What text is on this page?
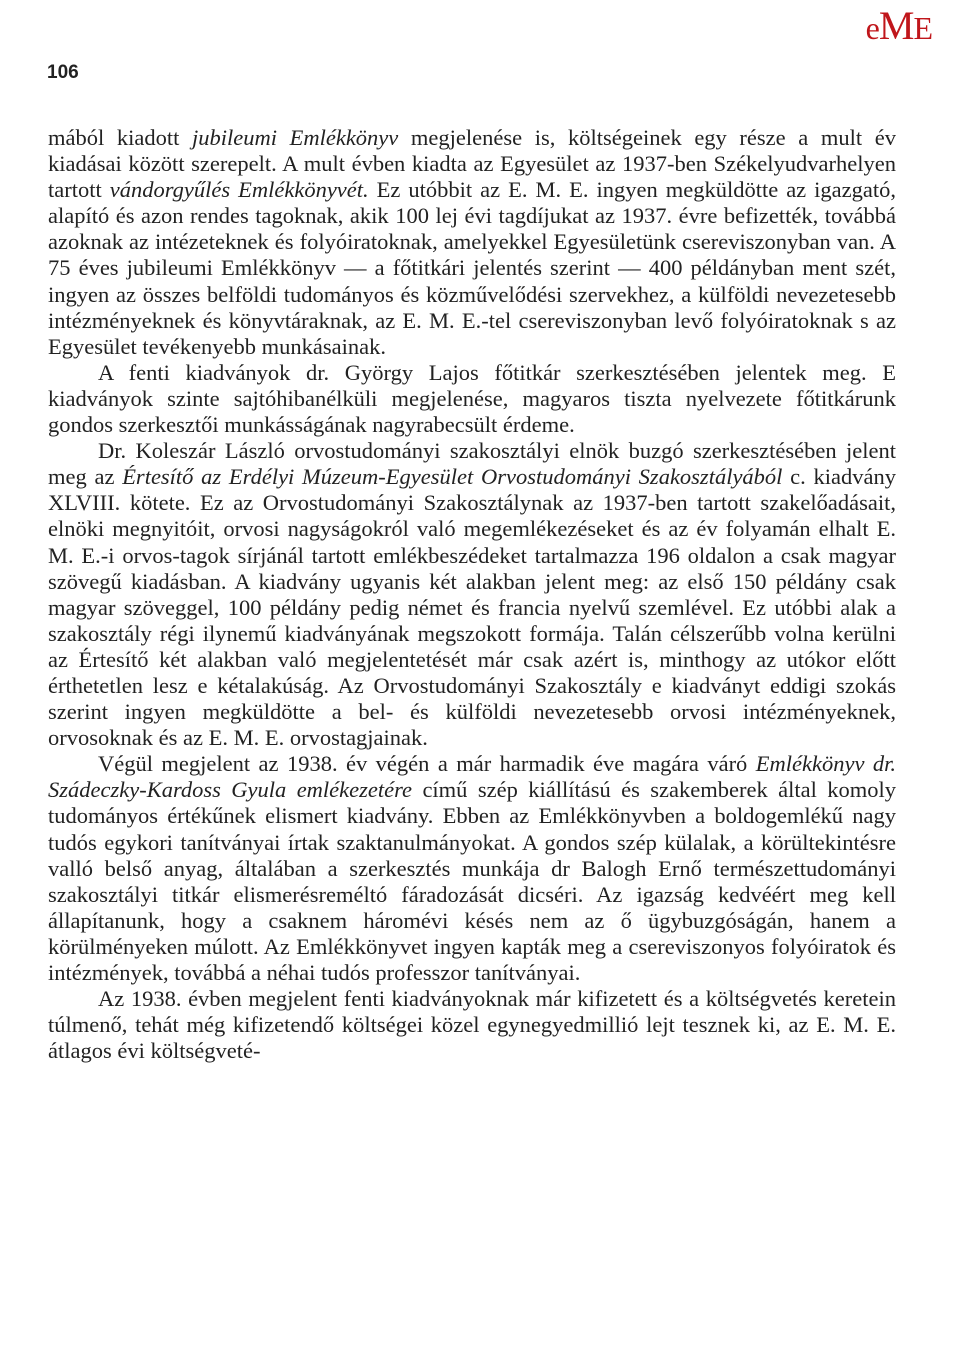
eME
106

mából kiadott jubileumi Emlékkönyv megjelenése is, költségeinek egy része a mult év kiadásai között szerepelt. A mult évben kiadta az Egyesület az 1937-ben Székelyudvarhelyen tartott vándorgyűlés Emlékkönyvét. Ez utóbbit az E. M. E. ingyen megküldötte az igazgató, alapító és azon rendes tagoknak, akik 100 lej évi tagdíjukat az 1937. évre befizették, továbbá azoknak az intézeteknek és folyóiratoknak, amelyekkel Egyesületünk csereviszonyban van. A 75 éves jubileumi Emlékkönyv — a főtitkári jelentés szerint — 400 példányban ment szét, ingyen az összes belföldi tudományos és közművelődési szervekhez, a külföldi nevezetesebb intézményeknek és könyvtáraknak, az E. M. E.-tel csereviszonyban levő folyóiratoknak s az Egyesület tevékenyebb munkásainak.

A fenti kiadványok dr. György Lajos főtitkár szerkesztésében jelentek meg. E kiadványok szinte sajtóhibanélküli megjelenése, magyaros tiszta nyelvezete főtitkárunk gondos szerkesztői munkásságának nagyrabecsült érdeme.

Dr. Koleszár László orvostudományi szakosztályi elnök buzgó szerkesztésében jelent meg az Értesítő az Erdélyi Múzeum-Egyesület Orvostudományi Szakosztályából c. kiadvány XLVIII. kötete. Ez az Orvostudományi Szakosztálynak az 1937-ben tartott szakelőadásait, elnöki megnyitóit, orvosi nagyságokról való megemlékezéseket és az év folyamán elhalt E. M. E.-i orvos-tagok sírjánál tartott emlékbeszédeket tartalmazza 196 oldalon a csak magyar szövegű kiadásban. A kiadvány ugyanis két alakban jelent meg: az első 150 példány csak magyar szöveggel, 100 példány pedig német és francia nyelvű szemlével. Ez utóbbi alak a szakosztály régi ilynemű kiadványának megszokott formája. Talán célszerűbb volna kerülni az Értesítő két alakban való megjelentetését már csak azért is, minthogy az utókor előtt érthetetlen lesz e kétalakúság. Az Orvostudományi Szakosztály e kiadványt eddigi szokás szerint ingyen megküldötte a bel- és külföldi nevezetesebb orvosi intézményeknek, orvosoknak és az E. M. E. orvostagjainak.

Végül megjelent az 1938. év végén a már harmadik éve magára váró Emlékkönyv dr. Szádeczky-Kardoss Gyula emlékezetére című szép kiállítású és szakemberek által komoly tudományos értékűnek elismert kiadvány. Ebben az Emlékkönyvben a boldogemlékű nagy tudós egykori tanítványai írtak szaktanulmányokat. A gondos szép külalak, a körültekintésre valló belső anyag, általában a szerkesztés munkája dr Balogh Ernő természettudományi szakosztályi titkár elismerésreméltó fáradozását dicséri. Az igazság kedvéért meg kell állapítanunk, hogy a csaknem háromévi késés nem az ő ügybuzgóságán, hanem a körülményeken múlott. Az Emlékkönyvet ingyen kapták meg a csereviszonyos folyóiratok és intézmények, továbbá a néhai tudós professzor tanítványai.

Az 1938. évben megjelent fenti kiadványoknak már kifizetett és a költségvetés keretein túlmenő, tehát még kifizetendő költségei közel egynegyedmillió lejt tesznek ki, az E. M. E. átlagos évi költségveté-
